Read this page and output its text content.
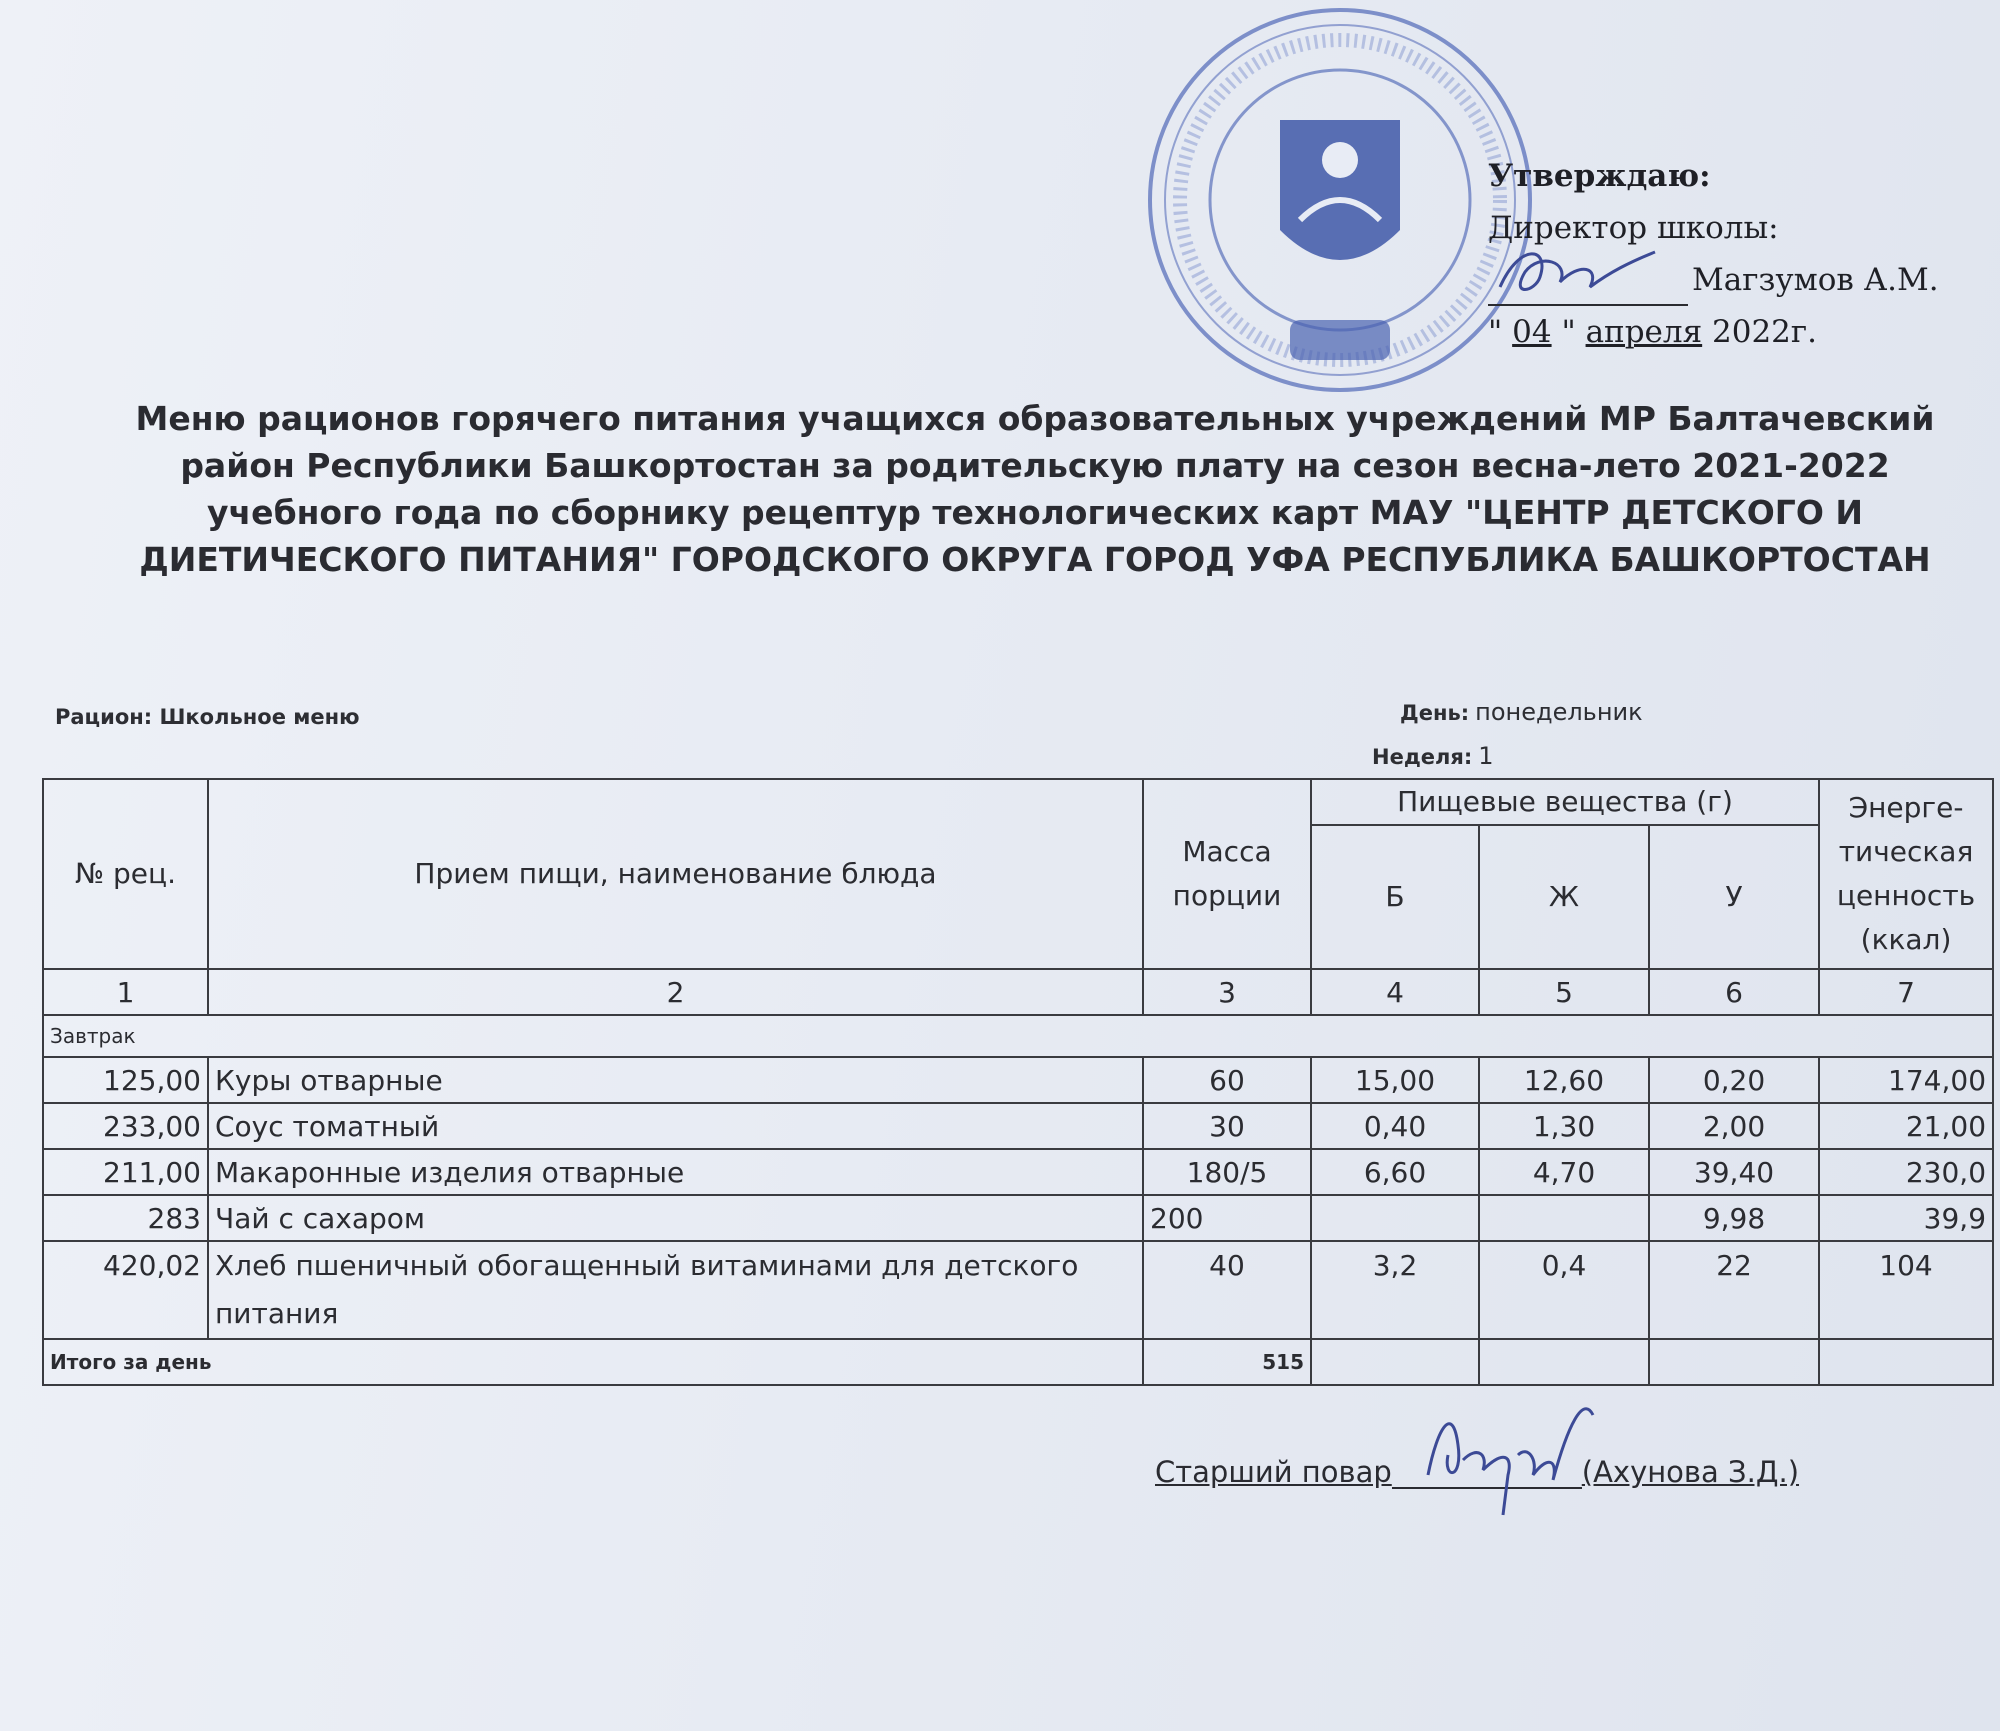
Утверждаю:
Директор школы:
Магзумов А.М.
" 04 " апреля 2022г.
Меню рационов горячего питания учащихся образовательных учреждений МР Балтачевский район Республики Башкортостан за родительскую плату на сезон весна-лето 2021-2022 учебного года по сборнику рецептур технологических карт МАУ "ЦЕНТР ДЕТСКОГО И ДИЕТИЧЕСКОГО ПИТАНИЯ" ГОРОДСКОГО ОКРУГА ГОРОД УФА РЕСПУБЛИКА БАШКОРТОСТАН
Рацион: Школьное меню	День: понедельник
Неделя: 1
№ рец.	Прием пищи, наименование блюда	Масса порции	Пищевые вещества (г)			Энерге-тическая ценность (ккал)
			Б	Ж	У	
1	2	3	4	5	6	7
Завтрак						
125,00	Куры отварные	60	15,00	12,60	0,20	174,00
233,00	Соус томатный	30	0,40	1,30	2,00	21,00
211,00	Макаронные изделия отварные	180/5	6,60	4,70	39,40	230,0
283	Чай с сахаром	200			9,98	39,9
420,02	Хлеб пшеничный обогащенный витаминами для детского питания	40	3,2	0,4	22	104
Итого за день		515				
Старший повар	(Ахунова З.Д.)
